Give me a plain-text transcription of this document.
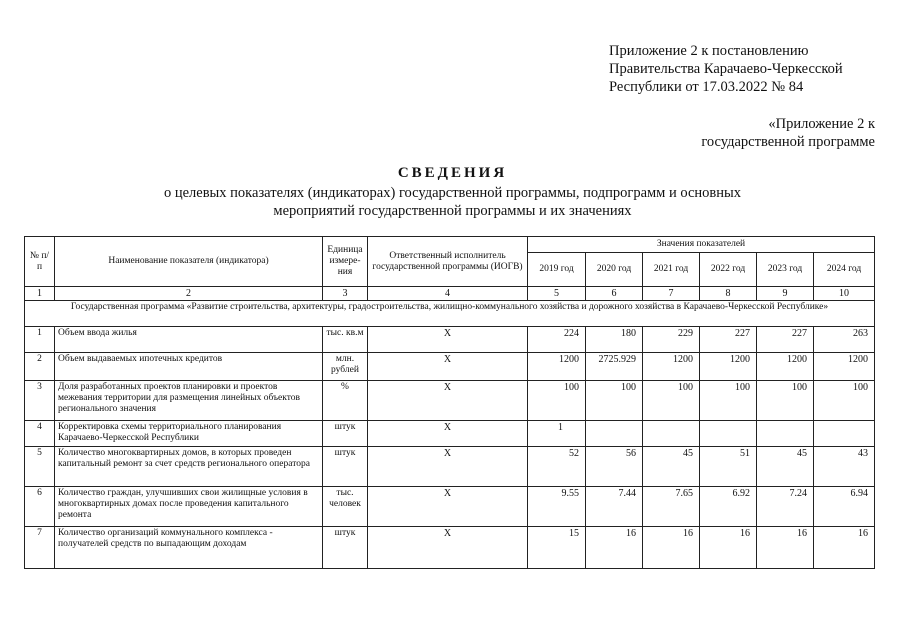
Приложение 2 к постановлению
Правительства Карачаево-Черкесской
Республики от 17.03.2022 № 84
«Приложение 2 к
государственной программе
СВЕДЕНИЯ
о целевых показателях (индикаторах) государственной программы, подпрограмм и основных
мероприятий государственной программы и их значениях
№ п/п	Наименование показателя (индикатора)	Единица измере-ния	Ответственный исполнитель государственной программы (ИОГВ)	Значения показателей					
				2019 год	2020 год	2021 год	2022 год	2023 год	2024 год
1	2	3	4	5	6	7	8	9	10
Государственная программа «Развитие строительства, архитектуры, градостроительства, жилищно-коммунального хозяйства и дорожного хозяйства в Карачаево-Черкесской Республике»									
1	Объем ввода жилья	тыс. кв.м	X	224	180	229	227	227	263
2	Объем выдаваемых ипотечных кредитов	млн. рублей	X	1200	2725.929	1200	1200	1200	1200
3	Доля разработанных проектов планировки и проектов межевания территории для размещения линейных объектов регионального значения	%	X	100	100	100	100	100	100
4	Корректировка схемы территориального планирования Карачаево-Черкесской Республики	штук	X	1					
5	Количество многоквартирных домов, в которых проведен капитальный ремонт за счет средств регионального оператора	штук	X	52	56	45	51	45	43
6	Количество граждан, улучшивших свои жилищные условия в многоквартирных домах после проведения капитального ремонта	тыс. человек	X	9.55	7.44	7.65	6.92	7.24	6.94
7	Количество организаций коммунального комплекса - получателей средств по выпадающим доходам	штук	X	15	16	16	16	16	16
